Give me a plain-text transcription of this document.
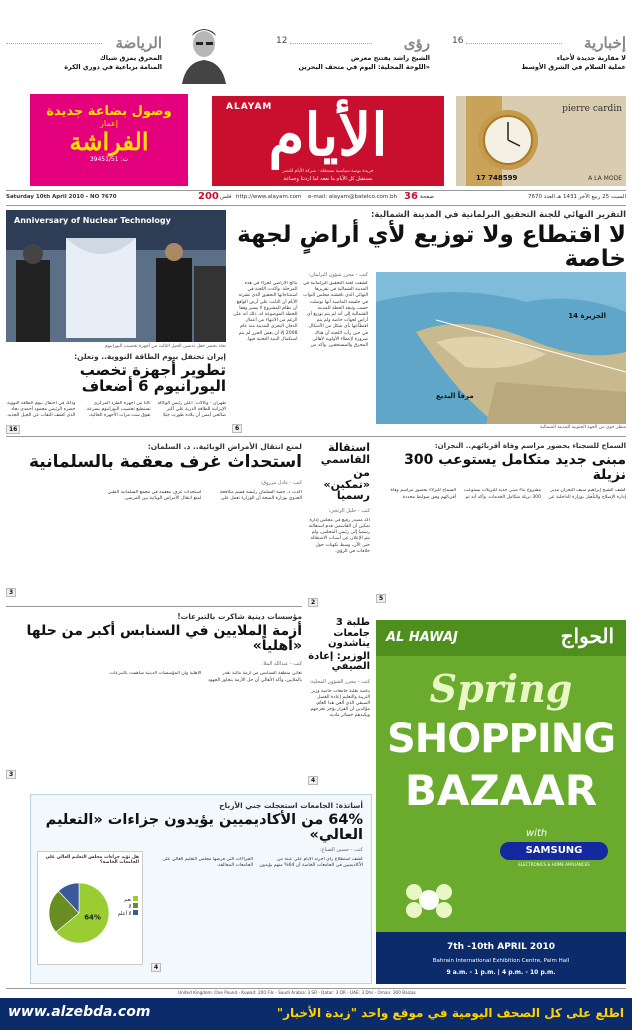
الرياضة
المحرق يمزق شباك
المنامة برباعية في دوري الكرة
رؤى
12
الشيخ راشد يفتتح معرض
«اللوحة المحلية: اليوم في متحف البحرين
إخبارية
16
لا مقاربة جديدة لأحياء
عملية السلام في الشرق الأوسط
وصول بضاعة جديدة
إعمار
الفراشة
39451/51 :ت
ALAYAM
الأيام
مستقبل كل الأيام ما نفعه لما اردتنا وجماعة
جريدة يومية سياسية مستقلة · شركة الأيام للنشر
pierre cardin
17 748599	A LA MODE
Saturday 10th April 2010 - NO 7670	200 فلس http://www.alayam.com e-mail: alayam@batelco.com.bh 36 صفحة	السبت 25 ربيع الآخر 1431 هـ العدد 7670
Anniversary of Nuclear Technology
نجاد يحضر حفل تدشين الجيل الثالث من أجهزة تخصيب اليورانيوم
إيران تحتفل بيوم الطاقة النووية.. وتعلن:
تطوير أجهزة تخصب اليورانيوم 6 أضعاف
طهران - وكالات: أعلن رئيس الوكالة الإيرانية للطاقة الذرية علي أكبر صالحي أمس أن بلاده طورت جيلا ثالثا من أجهزة الطرد المركزي تستطيع تخصيب اليورانيوم بسرعة تفوق ست مرات الأجهزة الحالية، وذلك في احتفال بيوم الطاقة النووية حضره الرئيس محمود أحمدي نجاد الذي كشف النقاب عن الجيل الجديد.
16
التقرير النهائي للجنة التحقيق البرلمانية في المدينة الشمالية:
لا اقتطاع ولا توزيع لأي أراضٍ لجهة خاصة
كتب - محرر شؤون البرلمان:
كشفت لجنة التحقيق البرلمانية في المدينة الشمالية في تقريرها النهائي الذي ناقشته مجلس النواب في جلسته الماضية أنها توصلت حسب وثيقة الخطة للمدينة الشمالية إلى أنه لم يتم توزيع أي أراضٍ لجهات خاصة ولم يتم اقتطاعها بأي شكل من الأشكال. في حين رأت اللجنة أن هناك ضرورة لإعطاء الأولوية لأهالي المحرق والمستحقين. وأكد من نتائج الأراضي لجزاء في هذه المرحلة. وأكدت اللجنة في استنتاجاتها التحقيق الذي نشرته الأيام أن الثابت على أرض الواقع أن نظام المشروع لا يسير وفقا للخطة الموضوعة له. ذلك أنه على الرغم من الانتهاء من أعمال الدفان البحري للمدينة منذ عام 2008 إلا أن بعض الجزر لم يتم استكمال البنية التحتية فيها.
6
الجزيرة 14
مرفأ البديع
منظر جوي من الجهة الجنوبية للمدينة الشمالية
السماح للسجناء بحضور مراسم وفاة أقربائهم.. النجران:
مبنى جديد متكامل يستوعب 300 نزيلة
كشف الشيخ إبراهيم سيف النجران مدير إدارة الإصلاح والتأهيل بوزارة الداخلية عن مشروع بناء مبنى جديد للنزيلات يستوعب 300 نزيلة متكامل الخدمات، وأكد أنه تم السماح للنزلاء بحضور مراسم وفاة أقربائهم وفق ضوابط محددة.
5
استقالة القاسمي
من «تمكين» رسميا
كتب - خليل الزتجي:
أكد مصدر رفيع في مجلس إدارة تمكين أن القاسمي قدم استقالته رسميا إلى رئيس المجلس، ولم يتم الإعلان عن أسباب الاستقالة حتى الآن، وسط تكهنات حول خلافات في الرؤى.
2
طلبة 3 جامعات يناشدون
الوزير: إعادة الصيفي
كتب - محرر الشؤون المحلية:
يناشد طلبة جامعات خاصة وزير التربية والتعليم إعادة الفصل الصيفي الذي ألغي هذا العام، مؤكدين أن القرار يؤخر تخرجهم ويكبدهم خسائر مادية.
4
لمنع انتقال الأمراض الوبائية.. د. السلمان:
استحداث غرف معقمة بالسلمانية
كتب - عادل مرزوق:
أكدت د. حصة السلمان رئيسة قسم مكافحة العدوى بوزارة الصحة أن الوزارة تعمل على استحداث غرف معقمة في مجمع السلمانية الطبي لمنع انتقال الأمراض الوبائية بين المرضى.
3
مؤسسات دينية شاكرت بالتبرعات!
أزمة الملايين في السنابس أكبر من حلها «أهلياً»
كتب - عبدالله الملا:
تعاني منطقة السنابس من أزمة مالية تقدر بالملايين، وأكد الأهالي أن حل الأزمة يتجاوز الجهود الأهلية وأن المؤسسات الدينية ساهمت بالتبرعات.
3
AL HAWAJ	الحواج
Spring
SHOPPING
BAZAAR
with
SAMSUNG
ELECTRONICS & HOME APPLIANCES
7th -10th APRIL 2010
Bahrain International Exhibition Centre, Palm Hall
9 a.m. - 1 p.m. | 4 p.m. - 10 p.m.
أساتذة: الجامعات استعجلت جني الأرباح
64% من الأكاديميين يؤيدون جزاءات «التعليم العالي»
كتب - حسين الصباغ:
كشف استطلاع رأي أجرته الأيام على عينة من الأكاديميين في الجامعات الخاصة أن 64% منهم يؤيدون الجزاءات التي فرضها مجلس التعليم العالي على الجامعات المخالفة.
4
هل تؤيد جزاءات مجلس التعليم العالي على الجامعات الخاصة؟
64%
نعم
لا
لا أعلم
United Kingdom: One Pound - Kuwait: 200 Fils - Saudi Arabia: 3 SR - Qatar: 3 QR - UAE: 3 Dhs - Oman: 300 Baizas
www.alzebda.com	اطلع على كل الصحف اليومية في موقع واحد "زبدة الأخبار"
